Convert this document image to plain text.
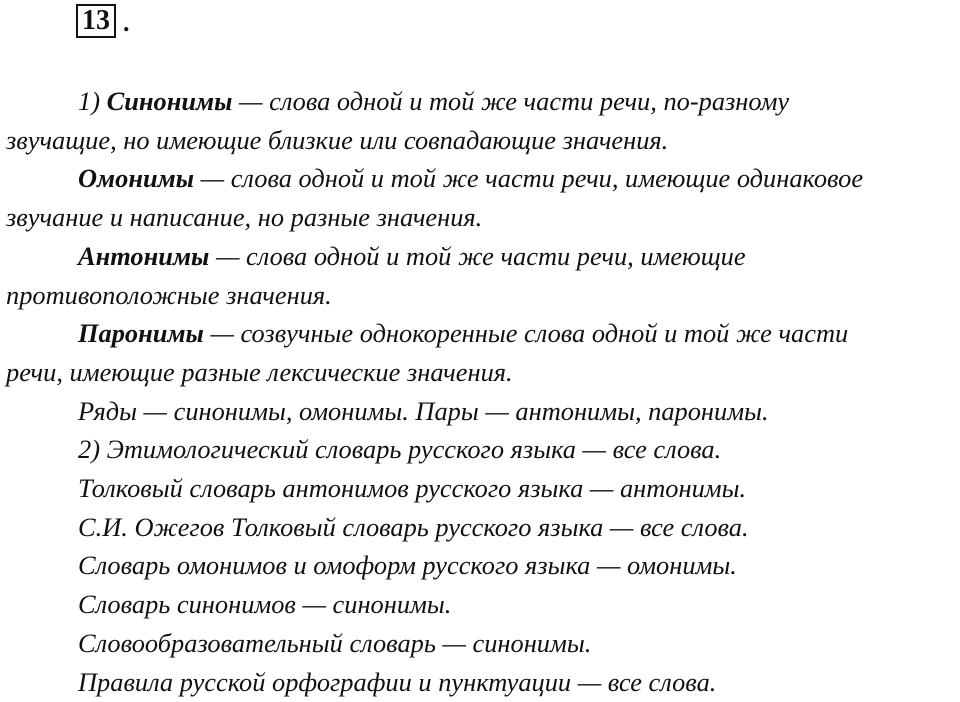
13 .
1) Синонимы — слова одной и той же части речи, по-разному
звучащие, но имеющие близкие или совпадающие значения.
Омонимы — слова одной и той же части речи, имеющие одинаковое
звучание и написание, но разные значения.
Антонимы — слова одной и той же части речи, имеющие
противоположные значения.
Паронимы — созвучные однокоренные слова одной и той же части
речи, имеющие разные лексические значения.
Ряды — синонимы, омонимы. Пары — антонимы, паронимы.
2) Этимологический словарь русского языка — все слова.
Толковый словарь антонимов русского языка — антонимы.
С.И. Ожегов Толковый словарь русского языка — все слова.
Словарь омонимов и омоформ русского языка — омонимы.
Словарь синонимов — синонимы.
Словообразовательный словарь — синонимы.
Правила русской орфографии и пунктуации — все слова.
